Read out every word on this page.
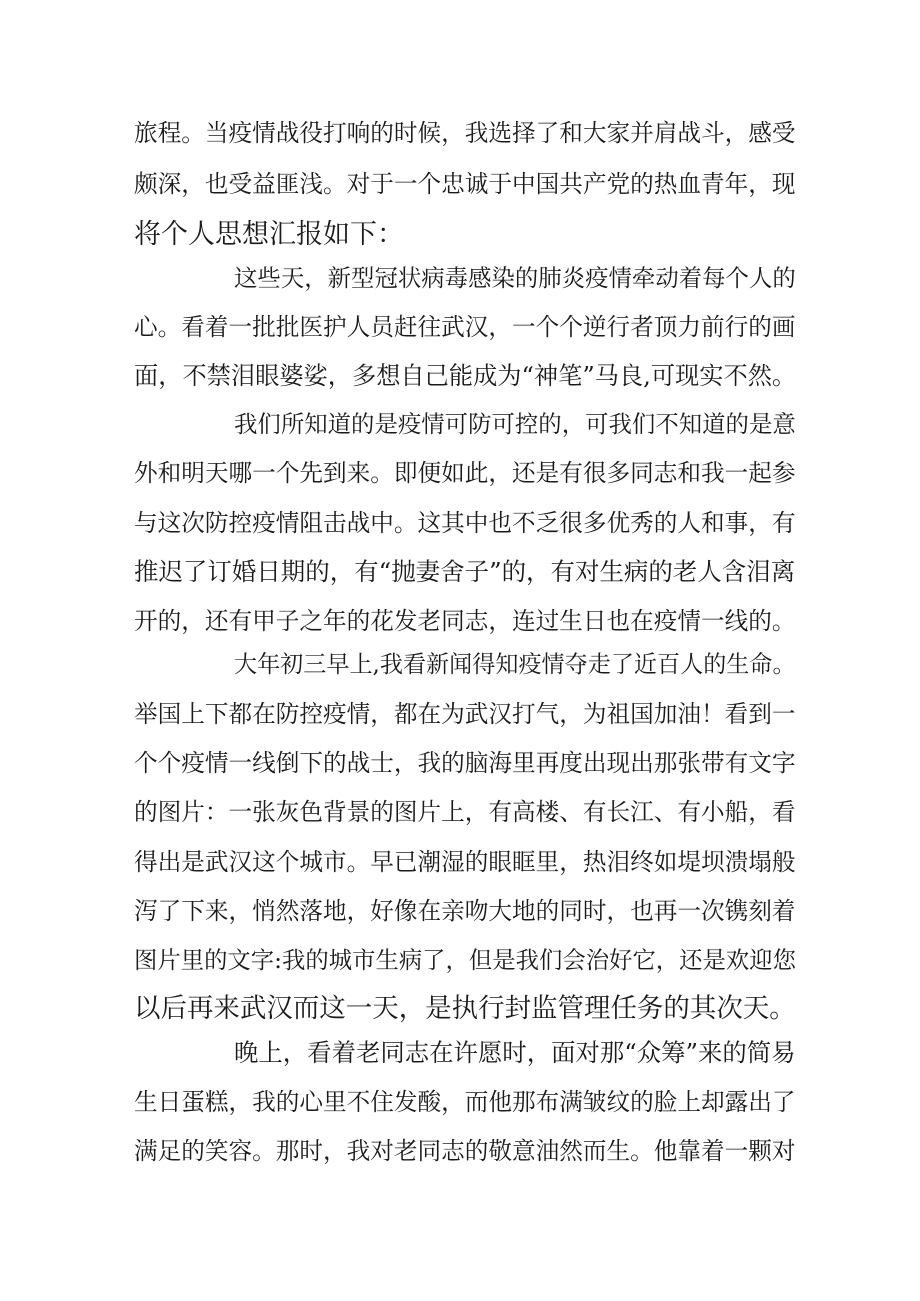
旅程。当疫情战役打响的时候，我选择了和大家并肩战斗，感受

颇深，也受益匪浅。对于一个忠诚于中国共产党的热血青年，现

将个人思想汇报如下：

这些天，新型冠状病毒感染的肺炎疫情牵动着每个人的

心。看着一批批医护人员赶往武汉，一个个逆行者顶力前行的画

面，不禁泪眼婆娑，多想自己能成为“神笔”马良,可现实不然。

我们所知道的是疫情可防可控的，可我们不知道的是意

外和明天哪一个先到来。即便如此，还是有很多同志和我一起参

与这次防控疫情阻击战中。这其中也不乏很多优秀的人和事，有

推迟了订婚日期的，有“抛妻舍子”的，有对生病的老人含泪离

开的，还有甲子之年的花发老同志，连过生日也在疫情一线的。

大年初三早上,我看新闻得知疫情夺走了近百人的生命。

举国上下都在防控疫情，都在为武汉打气，为祖国加油！看到一

个个疫情一线倒下的战士，我的脑海里再度出现出那张带有文字

的图片：一张灰色背景的图片上，有高楼、有长江、有小船，看

得出是武汉这个城市。早已潮湿的眼眶里，热泪终如堤坝溃塌般

泻了下来，悄然落地，好像在亲吻大地的同时，也再一次镌刻着

图片里的文字:我的城市生病了，但是我们会治好它，还是欢迎您

以后再来武汉而这一天，是执行封监管理任务的其次天。

晚上，看着老同志在许愿时，面对那“众筹”来的简易

生日蛋糕，我的心里不住发酸，而他那布满皱纹的脸上却露出了

满足的笑容。那时，我对老同志的敬意油然而生。他靠着一颗对
